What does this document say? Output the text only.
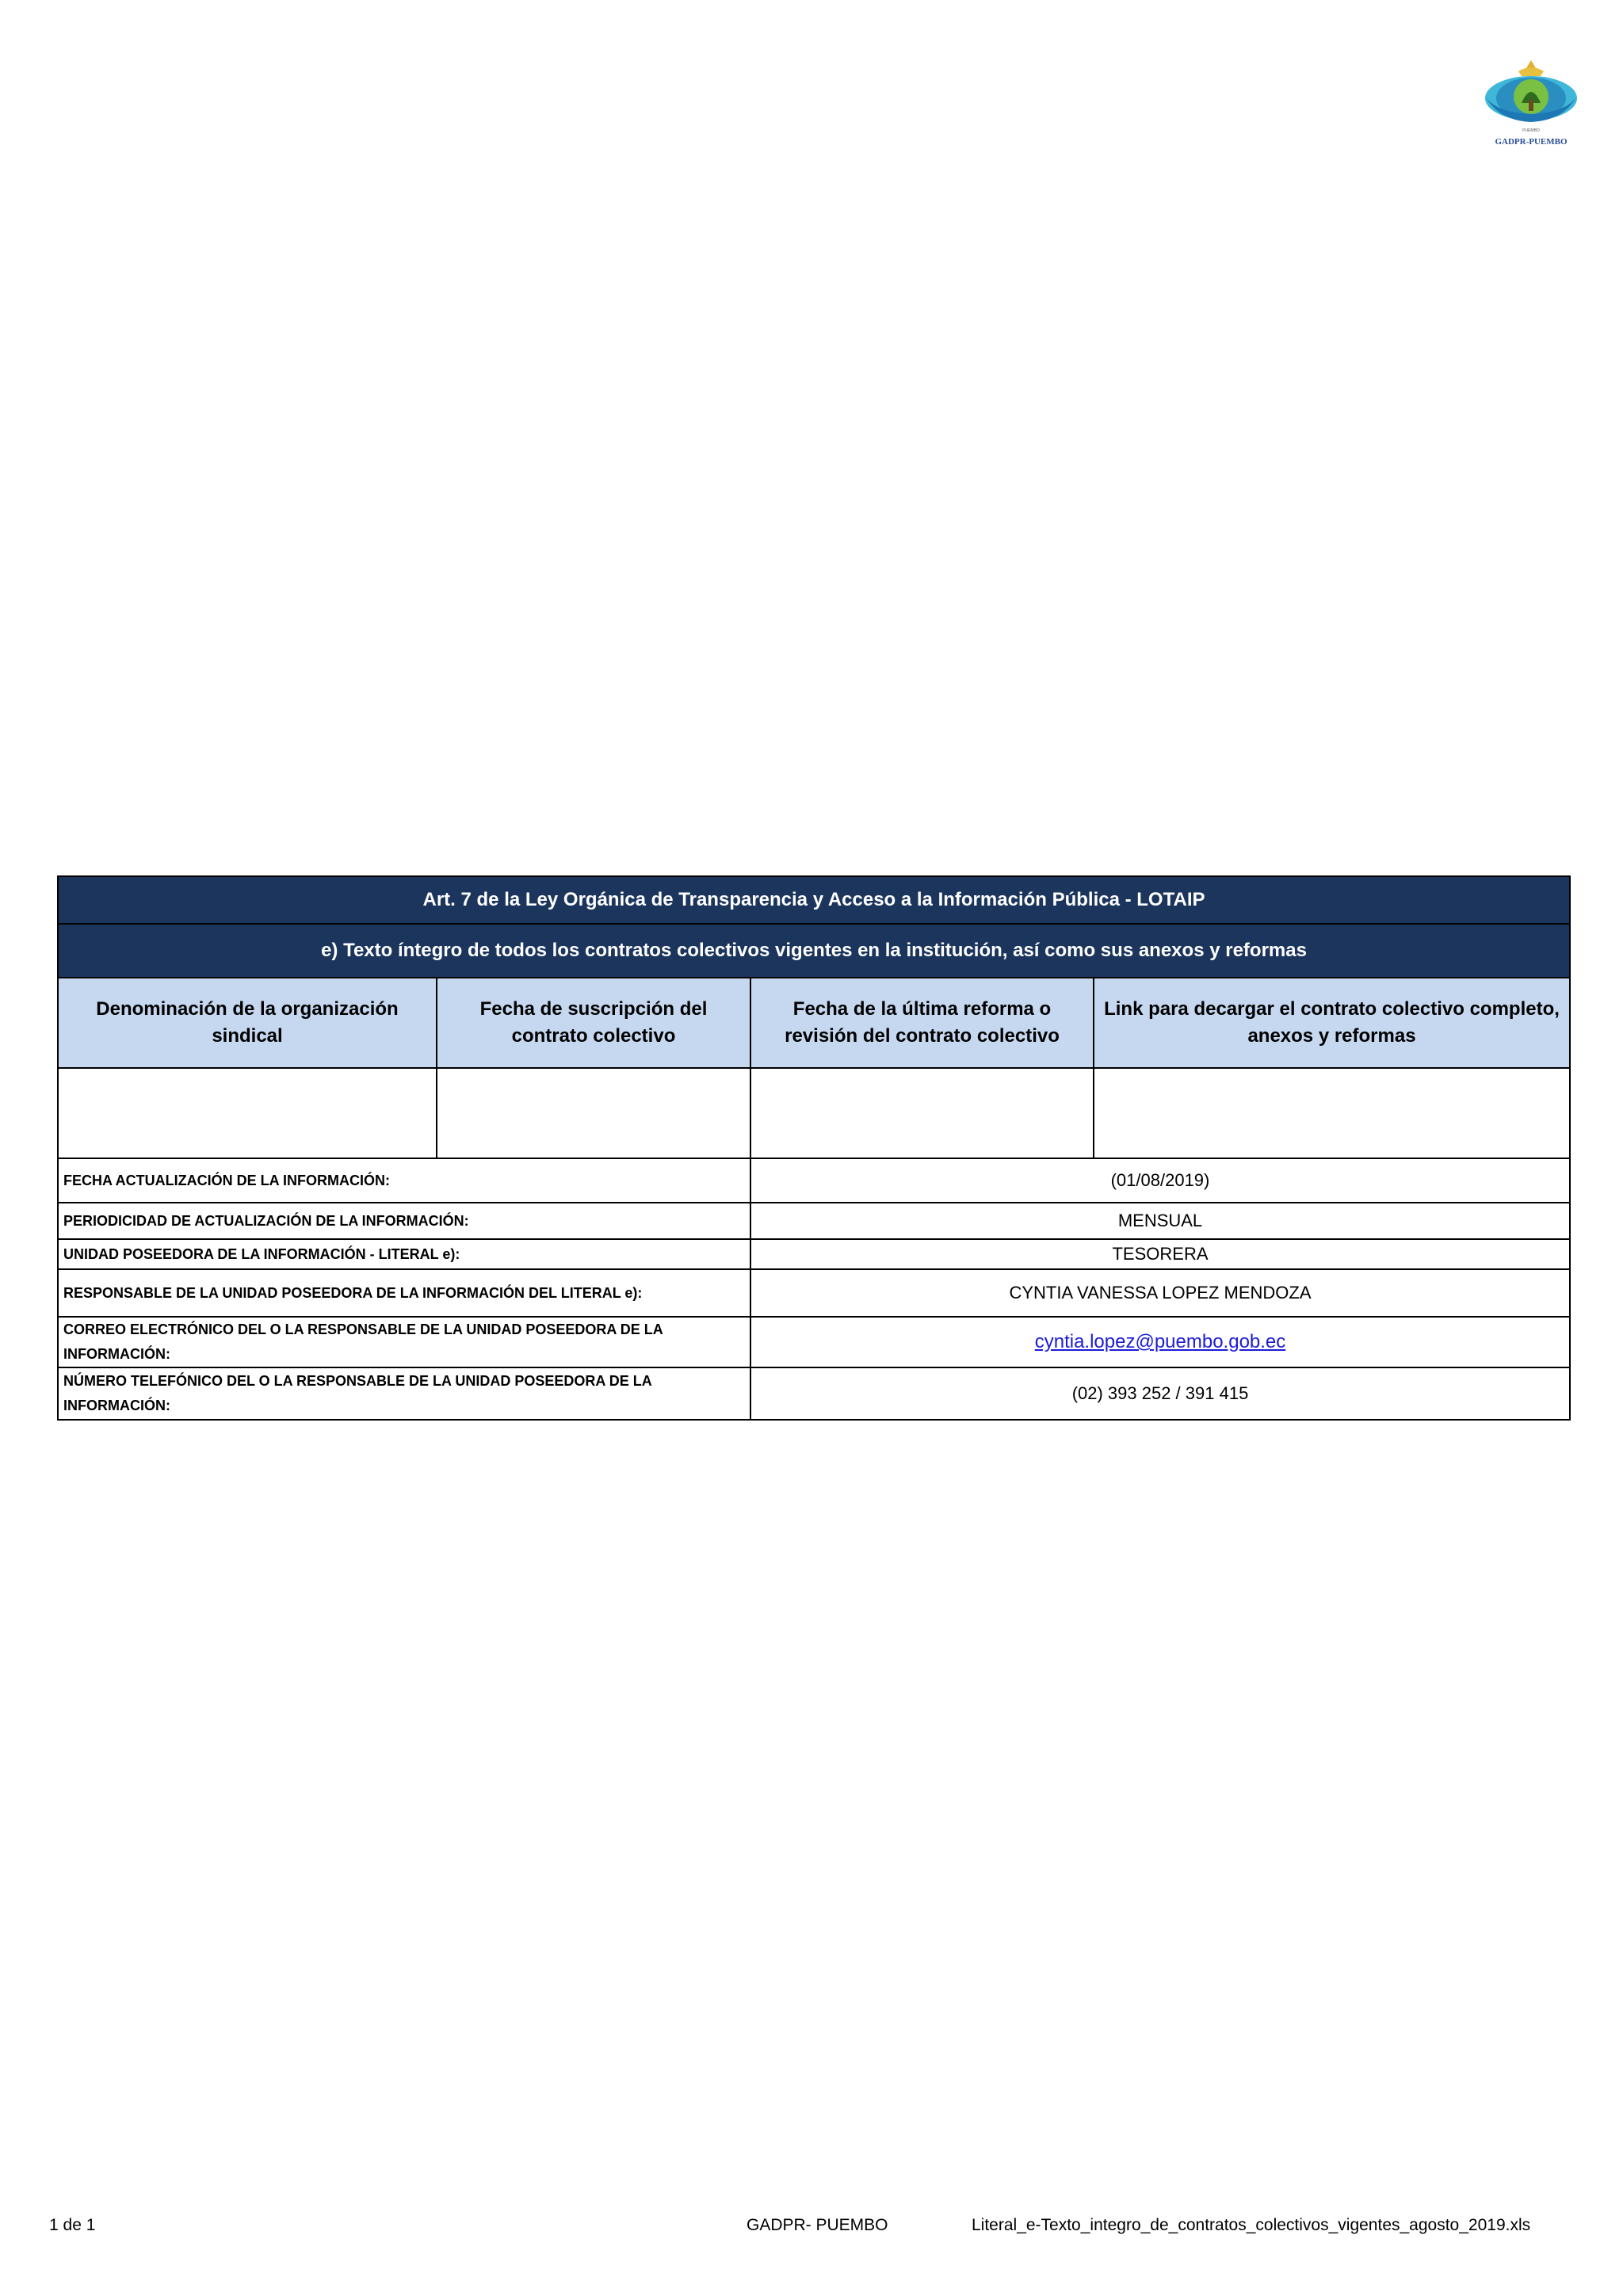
PUEMBO
GADPR-PUEMBO
Art. 7 de la Ley Orgánica de Transparencia y Acceso a la Información Pública - LOTAIP			
e) Texto íntegro de todos los contratos colectivos vigentes en la institución, así como sus anexos y reformas			
Denominación de la organización sindical	Fecha de suscripción del contrato colectivo	Fecha de la última reforma o revisión del contrato colectivo	Link para decargar el contrato colectivo completo, anexos y reformas

FECHA ACTUALIZACIÓN DE LA INFORMACIÓN:		(01/08/2019)	
PERIODICIDAD DE ACTUALIZACIÓN DE LA INFORMACIÓN:		MENSUAL	
UNIDAD POSEEDORA DE LA INFORMACIÓN - LITERAL e):		TESORERA	
RESPONSABLE DE LA UNIDAD POSEEDORA DE LA INFORMACIÓN DEL LITERAL e):		CYNTIA VANESSA LOPEZ MENDOZA	
CORREO ELECTRÓNICO DEL O LA RESPONSABLE DE LA UNIDAD POSEEDORA DE LA INFORMACIÓN:		cyntia.lopez@puembo.gob.ec	
NÚMERO TELEFÓNICO DEL O LA RESPONSABLE DE LA UNIDAD POSEEDORA DE LA INFORMACIÓN:		(02) 393 252 / 391 415	
1 de 1	GADPR- PUEMBO	Literal_e-Texto_integro_de_contratos_colectivos_vigentes_agosto_2019.xls
